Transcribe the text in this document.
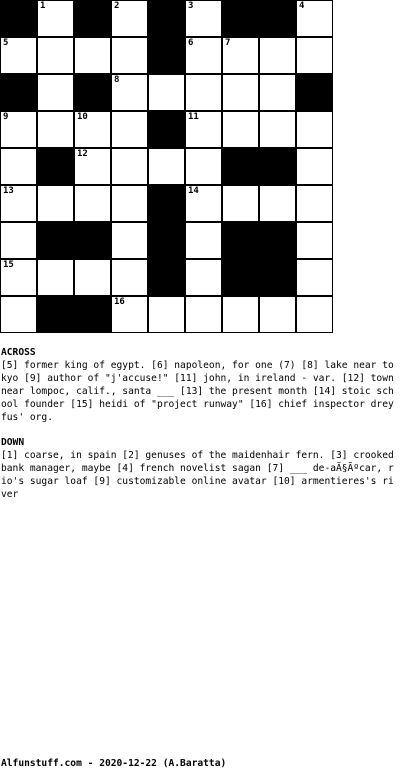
1	2	3	4
5	6	7
8
9	10	11
12
13	14
15
16
ACROSS

[5] former king of egypt. [6] napoleon, for one (7) [8] lake near tokyo [9] author of "j'accuse!" [11] john, in ireland - var. [12] town near lompoc, calif., santa ___ [13] the present month [14] stoic school founder [15] heidi of "project runway" [16] chief inspector dreyfus' org.

DOWN

[1] coarse, in spain [2] genuses of the maidenhair fern. [3] crooked bank manager, maybe [4] french novelist sagan [7] ___ de-aÃ§Ãºcar, rio's sugar loaf [9] customizable online avatar [10] armentieres's river

Alfunstuff.com - 2020-12-22 (A.Baratta)
